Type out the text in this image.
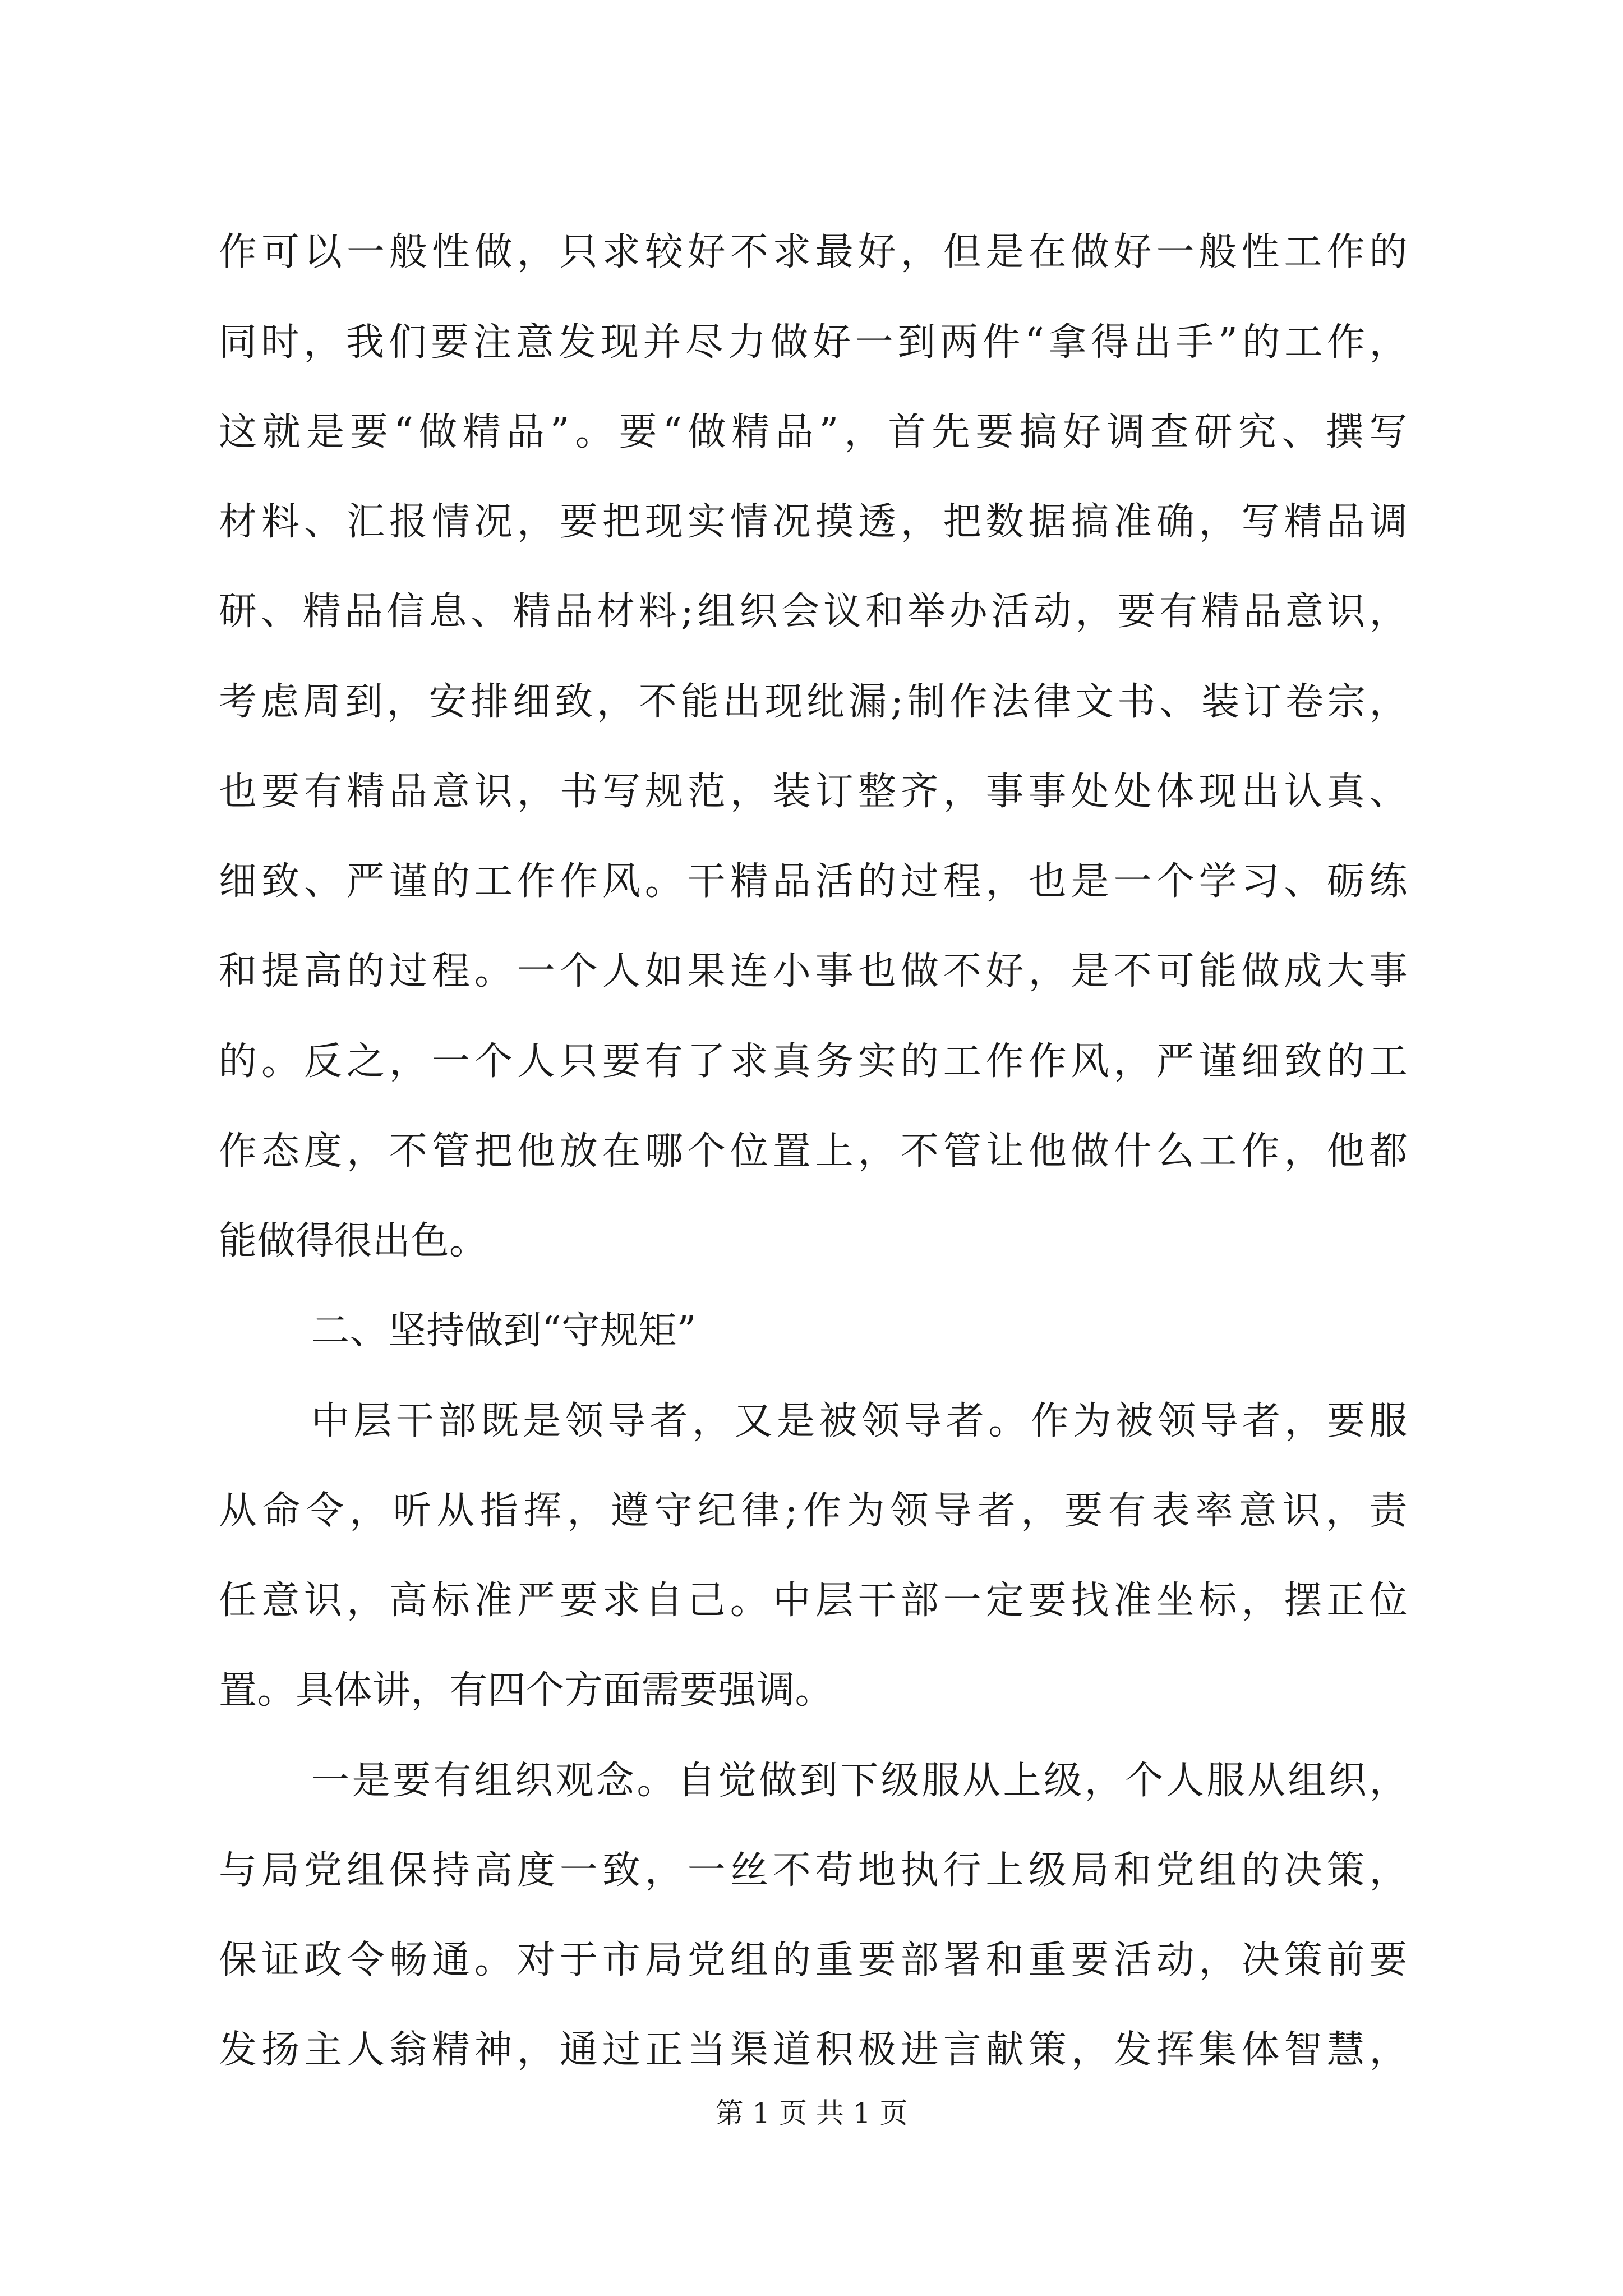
作可以一般性做，只求较好不求最好，但是在做好一般性工作的

同时，我们要注意发现并尽力做好一到两件“拿得出手”的工作，

这就是要“做精品”。要“做精品”，首先要搞好调查研究、撰写

材料、汇报情况，要把现实情况摸透，把数据搞准确，写精品调

研、精品信息、精品材料;组织会议和举办活动，要有精品意识，

考虑周到，安排细致，不能出现纰漏;制作法律文书、装订卷宗，

也要有精品意识，书写规范，装订整齐，事事处处体现出认真、

细致、严谨的工作作风。干精品活的过程，也是一个学习、砺练

和提高的过程。一个人如果连小事也做不好，是不可能做成大事

的。反之，一个人只要有了求真务实的工作作风，严谨细致的工

作态度，不管把他放在哪个位置上，不管让他做什么工作，他都

能做得很出色。

二、坚持做到“守规矩”

中层干部既是领导者，又是被领导者。作为被领导者，要服

从命令，听从指挥，遵守纪律;作为领导者，要有表率意识，责

任意识，高标准严要求自己。中层干部一定要找准坐标，摆正位

置。具体讲，有四个方面需要强调。

一是要有组织观念。自觉做到下级服从上级，个人服从组织，

与局党组保持高度一致，一丝不苟地执行上级局和党组的决策，

保证政令畅通。对于市局党组的重要部署和重要活动，决策前要

发扬主人翁精神，通过正当渠道积极进言献策，发挥集体智慧，

第 1 页 共 1 页
